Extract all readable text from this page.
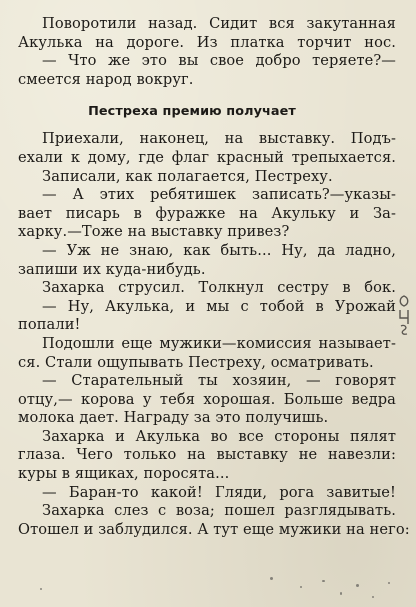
Поворотили назад. Сидит вся закутанная
Акулька на дороге. Из платка торчит нос.
— Что же это вы свое добро теряете?—
смеется народ вокруг.
Пестреха премию получает
Приехали, наконец, на выставку. Подъ-
ехали к дому, где флаг красный трепыхается.
Записали, как полагается, Пестреху.
— А этих ребятишек записать?—указы-
вает писарь в фуражке на Акульку и За-
харку.—Тоже на выставку привез?
— Уж не знаю, как быть... Ну, да ладно,
запиши их куда-нибудь.
Захарка струсил. Толкнул сестру в бок.
— Ну, Акулька, и мы с тобой в Урожай
попали!
Подошли еще мужики—комиссия называет-
ся. Стали ощупывать Пестреху, осматривать.
— Старательный ты хозяин, — говорят
отцу,— корова у тебя хорошая. Больше ведра
молока дает. Награду за это получишь.
Захарка и Акулька во все стороны пялят
глаза. Чего только на выставку не навезли:
куры в ящиках, поросята...
— Баран-то какой! Гляди, рога завитые!
Захарка слез с воза; пошел разглядывать.
Отошел и заблудился. А тут еще мужики на него:
